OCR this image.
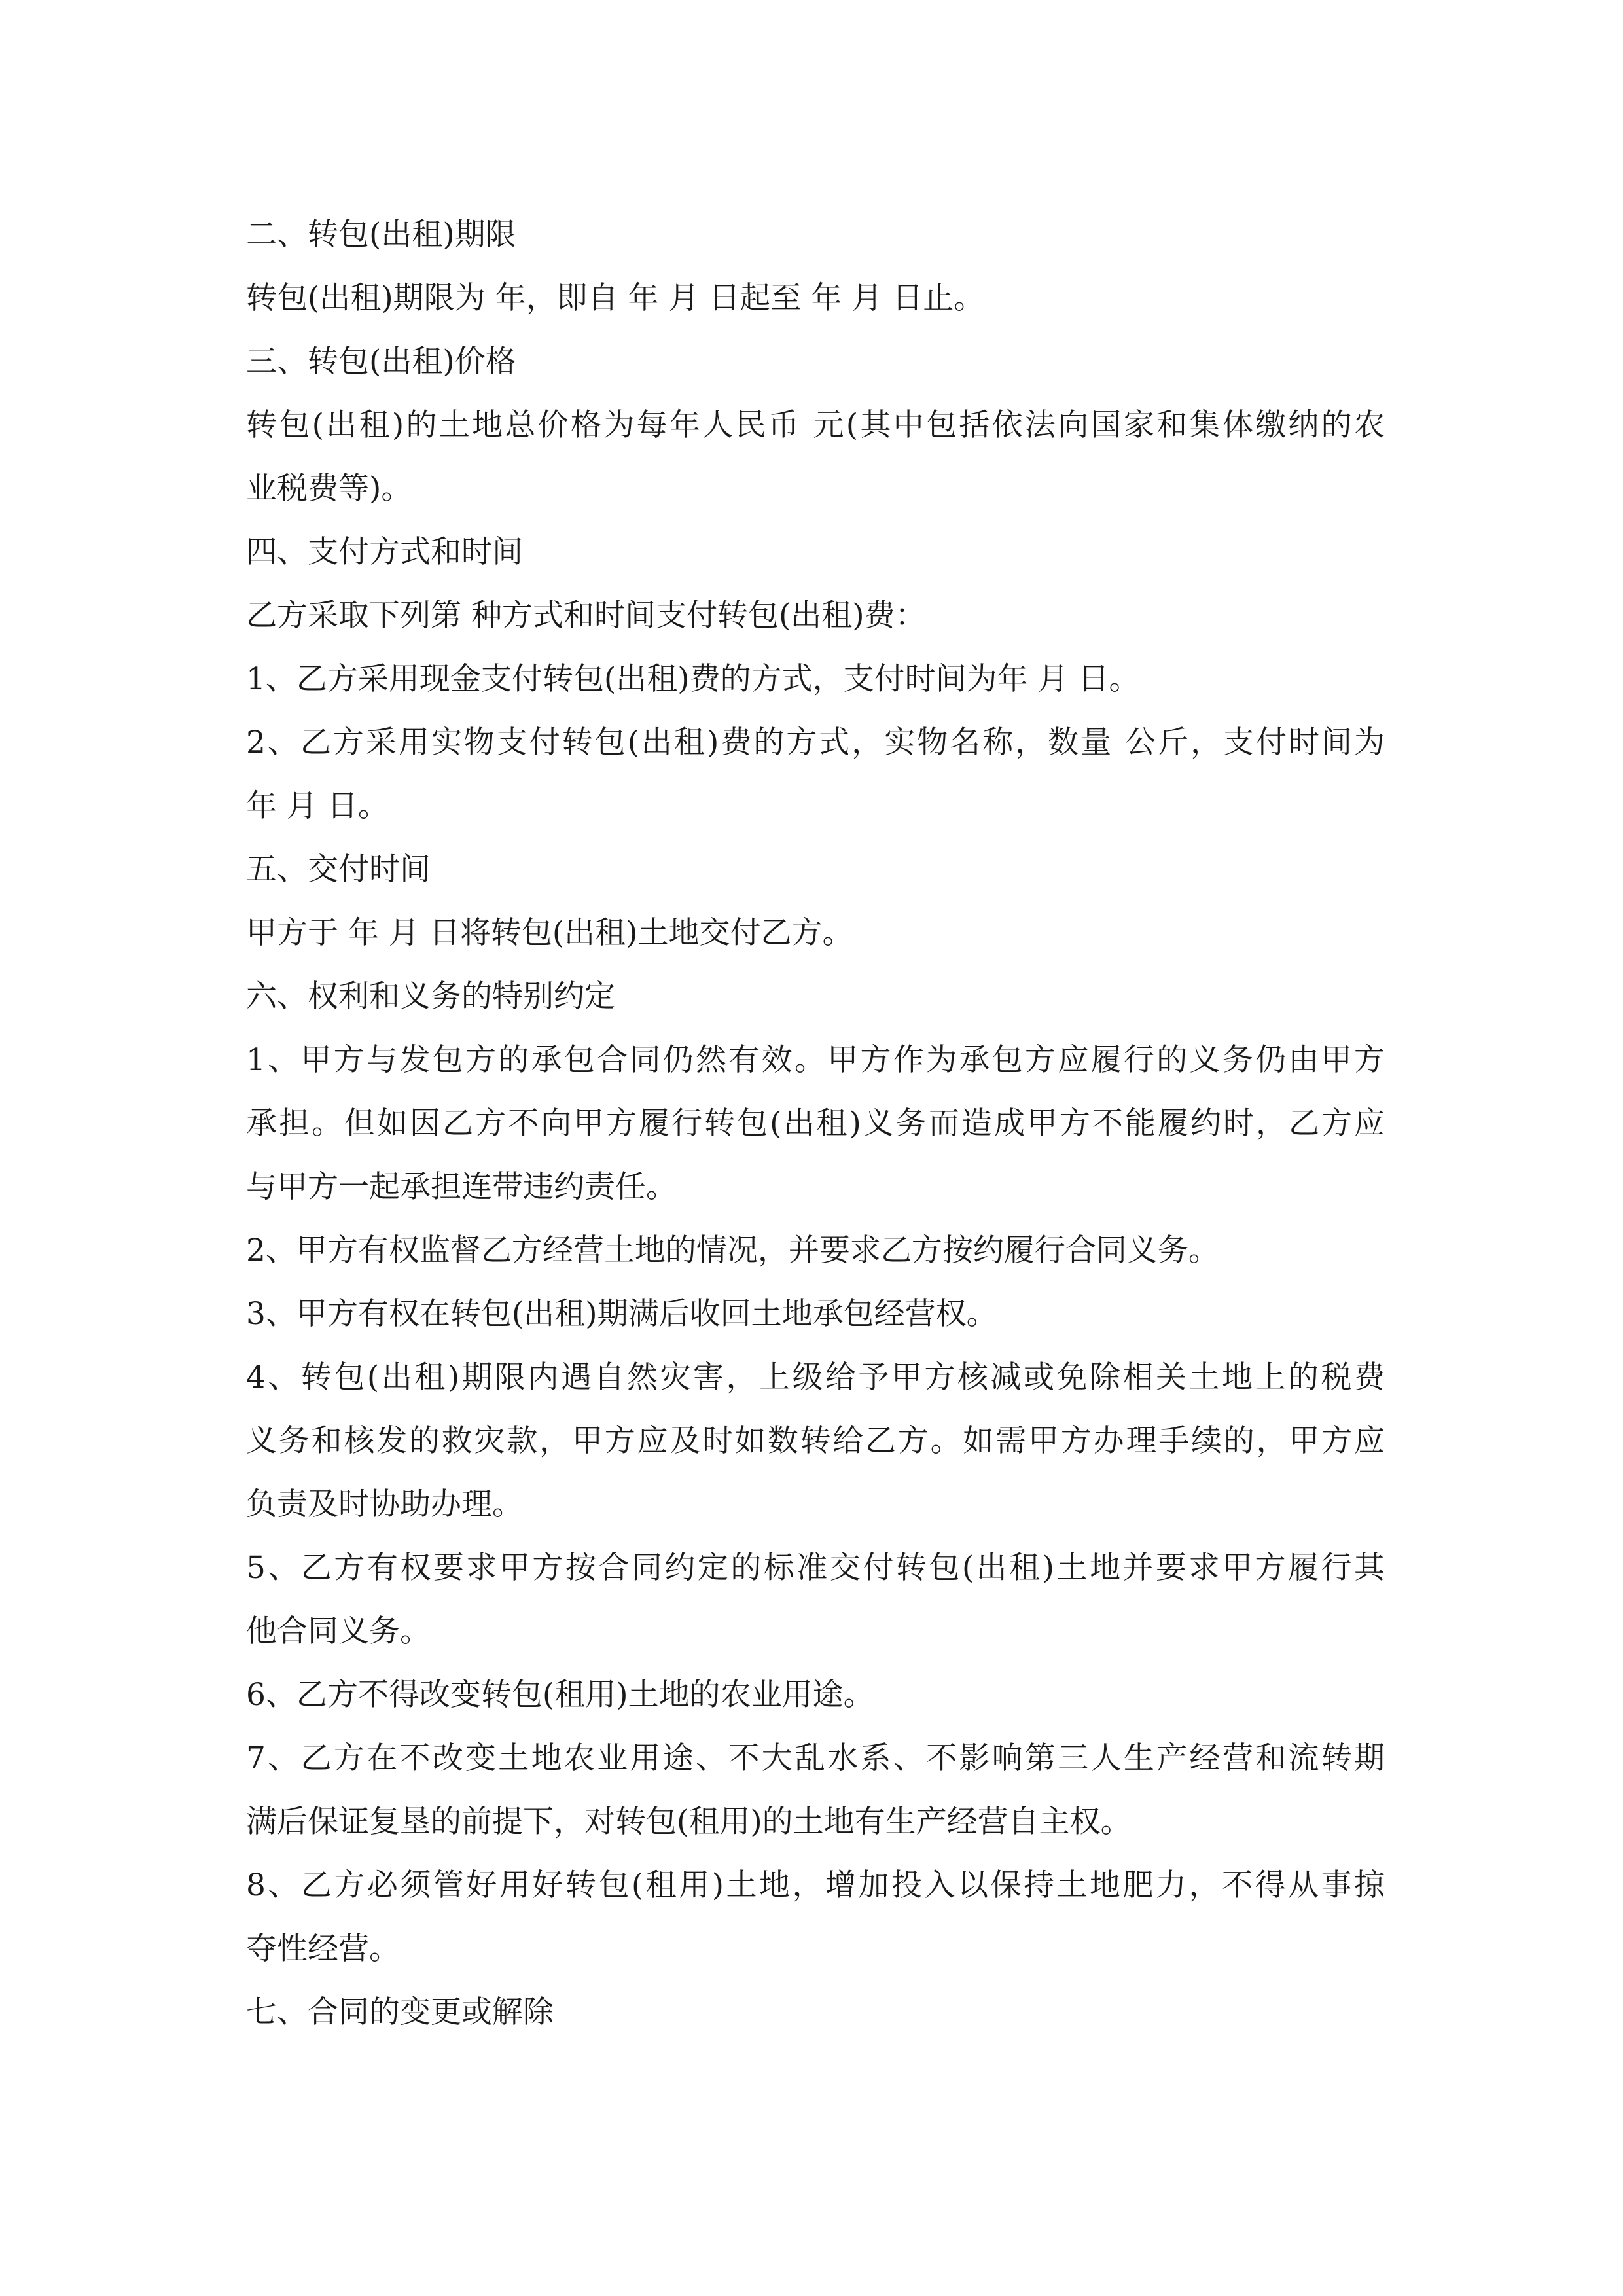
二、转包(出租)期限
转包(出租)期限为 年，即自 年 月 日起至 年 月 日止。
三、转包(出租)价格
转包(出租)的土地总价格为每年人民币 元(其中包括依法向国家和集体缴纳的农
业税费等)。
四、支付方式和时间
乙方采取下列第 种方式和时间支付转包(出租)费：
1、乙方采用现金支付转包(出租)费的方式，支付时间为年 月 日。
2、乙方采用实物支付转包(出租)费的方式，实物名称，数量 公斤，支付时间为
年 月 日。
五、交付时间
甲方于 年 月 日将转包(出租)土地交付乙方。
六、权利和义务的特别约定
1、甲方与发包方的承包合同仍然有效。甲方作为承包方应履行的义务仍由甲方
承担。但如因乙方不向甲方履行转包(出租)义务而造成甲方不能履约时，乙方应
与甲方一起承担连带违约责任。
2、甲方有权监督乙方经营土地的情况，并要求乙方按约履行合同义务。
3、甲方有权在转包(出租)期满后收回土地承包经营权。
4、转包(出租)期限内遇自然灾害，上级给予甲方核减或免除相关土地上的税费
义务和核发的救灾款，甲方应及时如数转给乙方。如需甲方办理手续的，甲方应
负责及时协助办理。
5、乙方有权要求甲方按合同约定的标准交付转包(出租)土地并要求甲方履行其
他合同义务。
6、乙方不得改变转包(租用)土地的农业用途。
7、乙方在不改变土地农业用途、不大乱水系、不影响第三人生产经营和流转期
满后保证复垦的前提下，对转包(租用)的土地有生产经营自主权。
8、乙方必须管好用好转包(租用)土地，增加投入以保持土地肥力，不得从事掠
夺性经营。
七、合同的变更或解除
